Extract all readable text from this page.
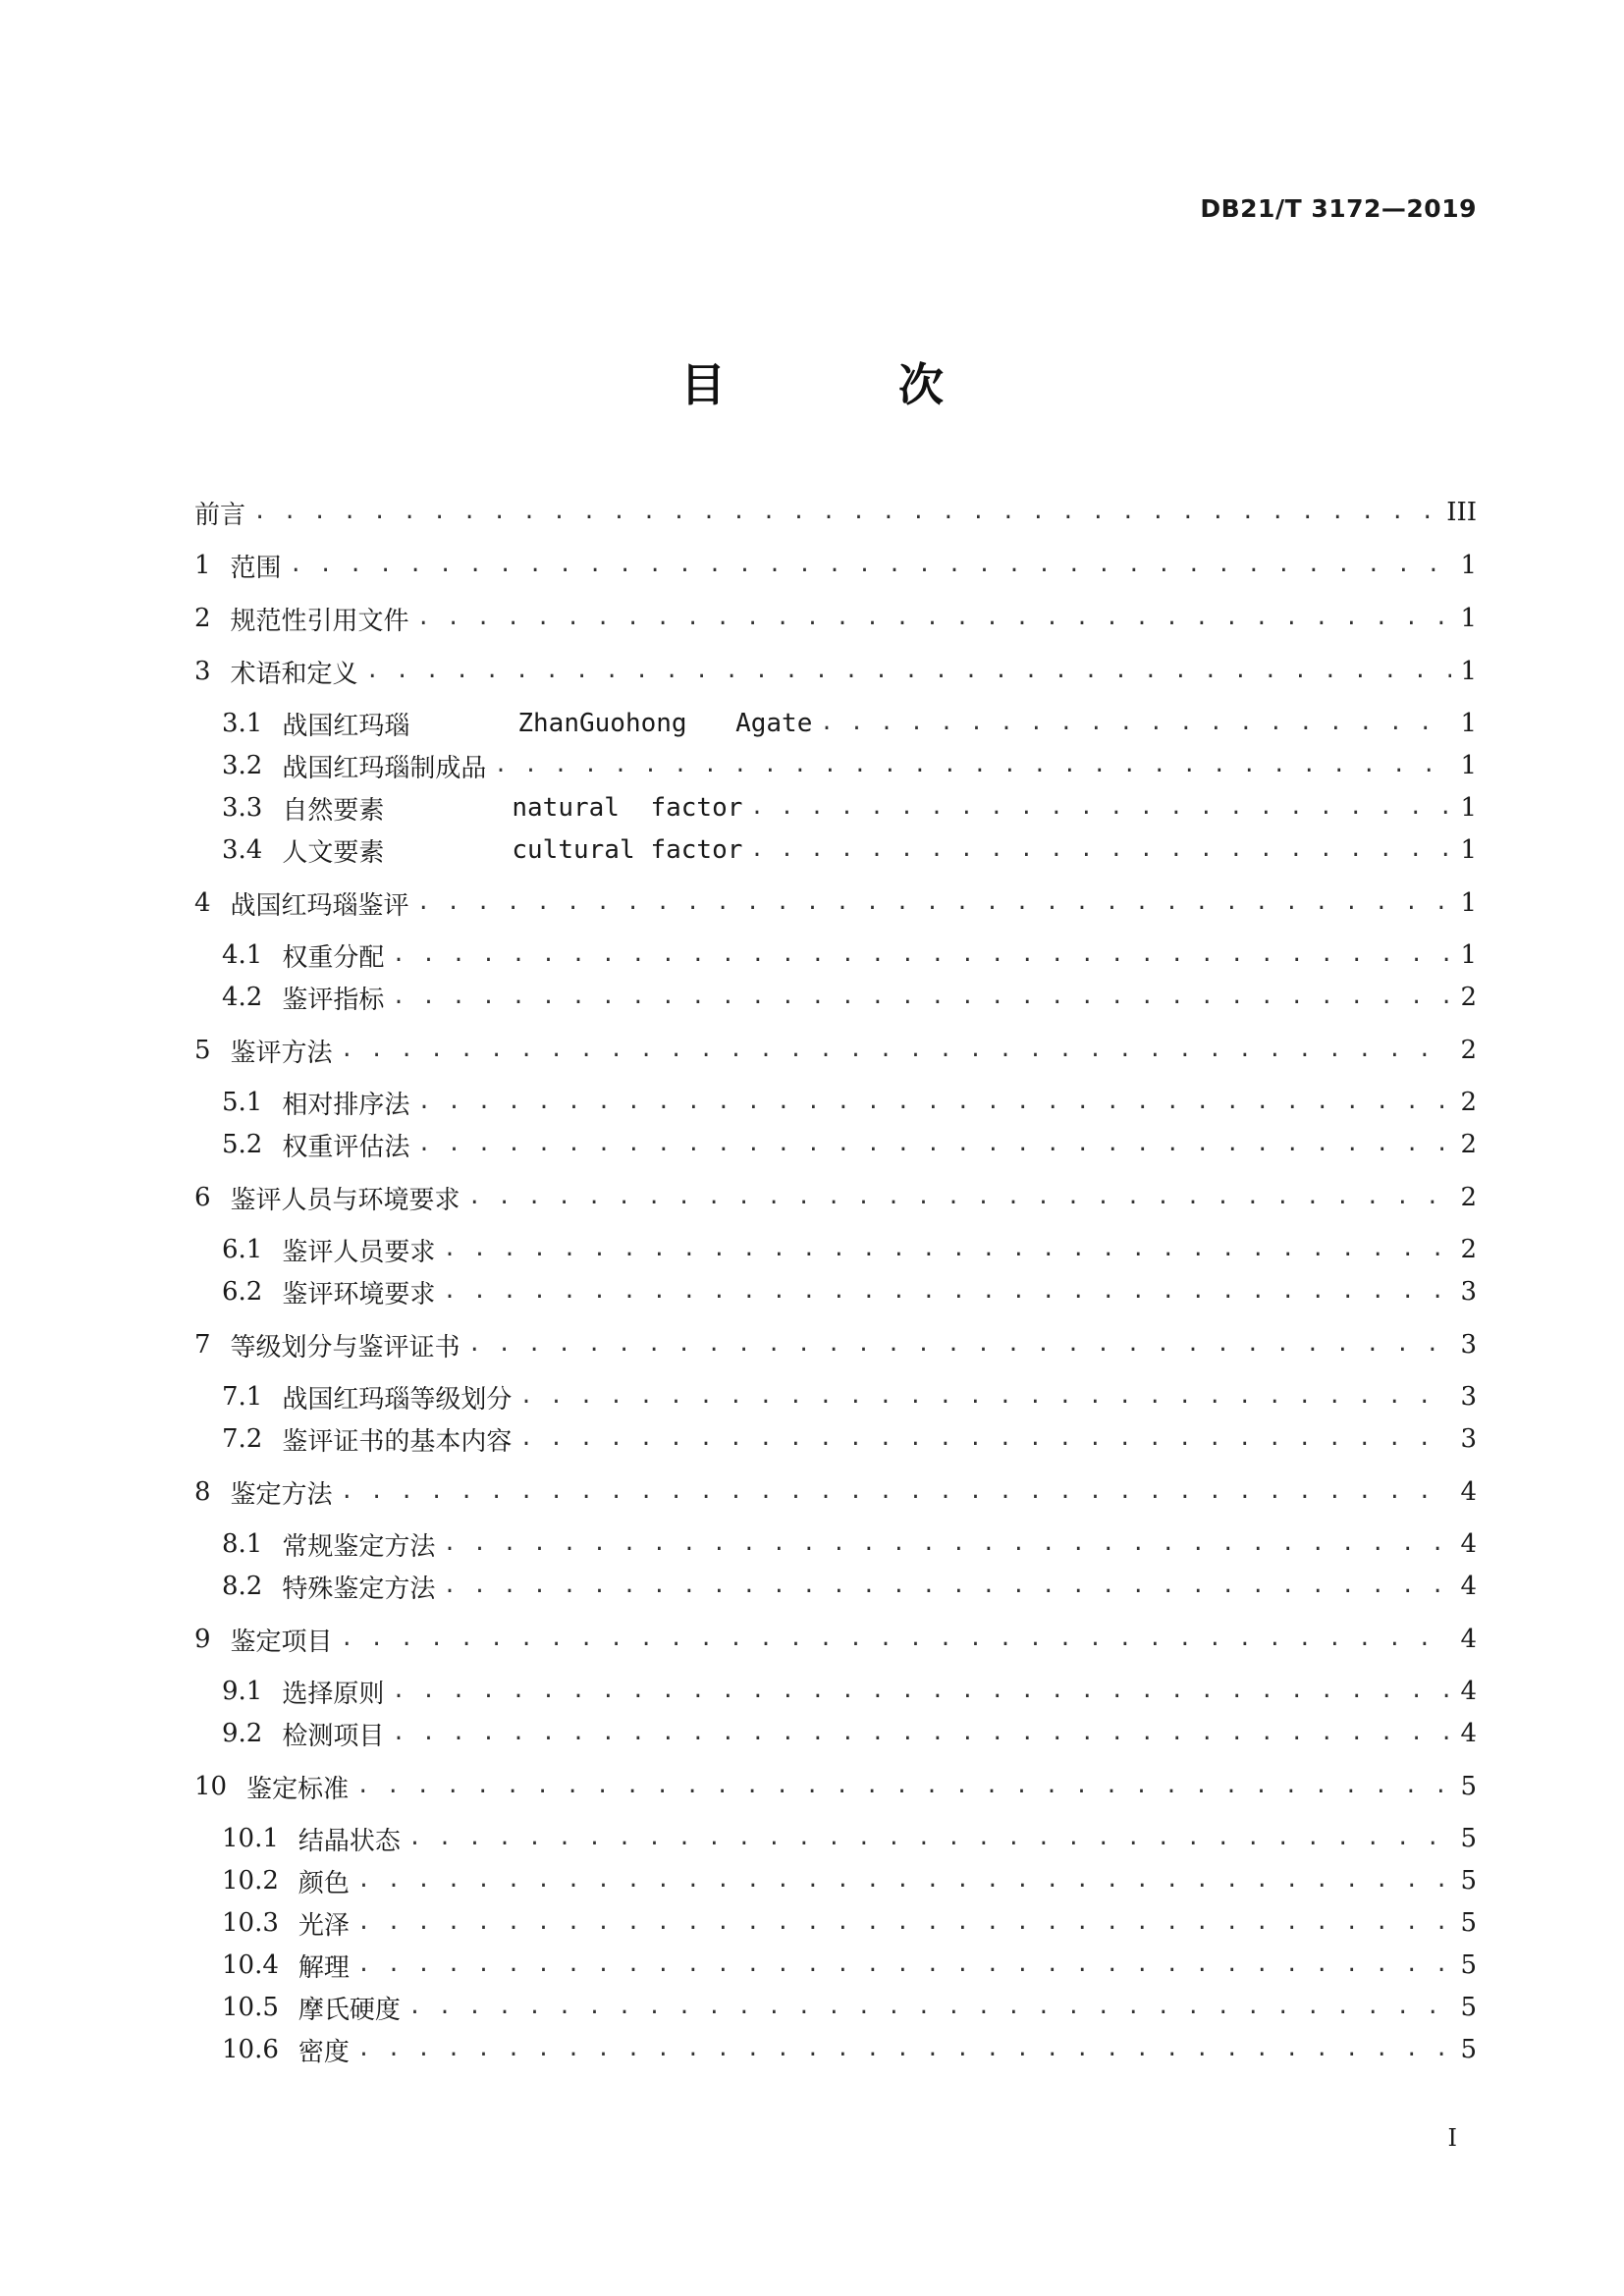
DB21/T 3172—2019
目 次
前言 . . .	III
1 范围 . . .	1
2 规范性引用文件 . . .	1
3 术语和定义 . . .	1
3.1 战国红玛瑙	ZhanGuohong Agate . . .	1
3.2 战国红玛瑙制成品 . . .	1
3.3 自然要素	natural factor . . .	1
3.4 人文要素	cultural factor . . .	1
4 战国红玛瑙鉴评 . . .	1
4.1 权重分配 . . .	1
4.2 鉴评指标 . . .	2
5 鉴评方法 . . .	2
5.1 相对排序法 . . .	2
5.2 权重评估法 . . .	2
6 鉴评人员与环境要求 . . .	2
6.1 鉴评人员要求 . . .	2
6.2 鉴评环境要求 . . .	3
7 等级划分与鉴评证书 . . .	3
7.1 战国红玛瑙等级划分 . . .	3
7.2 鉴评证书的基本内容 . . .	3
8 鉴定方法 . . .	4
8.1 常规鉴定方法 . . .	4
8.2 特殊鉴定方法 . . .	4
9 鉴定项目 . . .	4
9.1 选择原则 . . .	4
9.2 检测项目 . . .	4
10 鉴定标准 . . .	5
10.1 结晶状态 . . .	5
10.2 颜色 . . .	5
10.3 光泽 . . .	5
10.4 解理 . . .	5
10.5 摩氏硬度 . . .	5
10.6 密度 . . .	5
I
